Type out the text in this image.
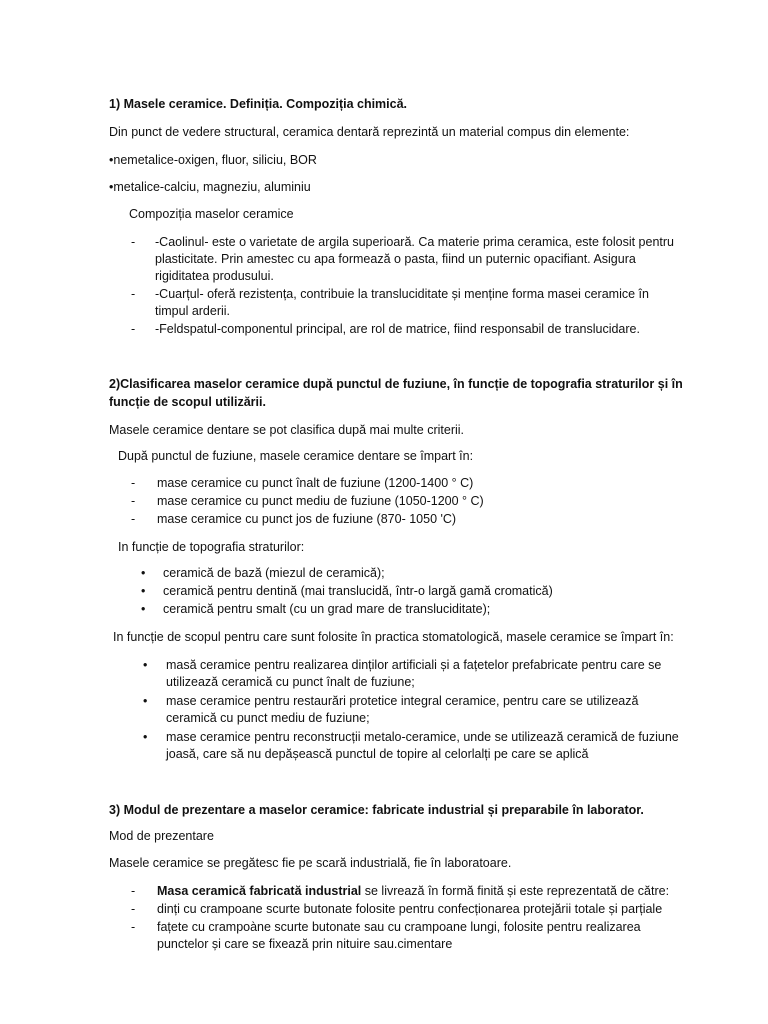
1) Masele ceramice. Definiția. Compoziția chimică.
Din punct de vedere structural, ceramica dentară reprezintă un material compus din elemente:
•nemetalice-oxigen, fluor, siliciu, BOR
•metalice-calciu, magneziu, aluminiu
Compoziția maselor ceramice
- -Caolinul- este o varietate de argila superioară. Ca materie prima ceramica, este folosit pentru
plasticitate. Prin amestec cu apa formează o pasta, fiind un puternic opacifiant. Asigura
rigiditatea produsului.
- -Cuarțul- oferă rezistența, contribuie la transluciditate și menține forma masei ceramice în
timpul arderii.
- -Feldspatul-componentul principal, are rol de matrice, fiind responsabil de translucidare.
2)Clasificarea maselor ceramice după punctul de fuziune, în funcție de topografia straturilor și în
funcție de scopul utilizării.
Masele ceramice dentare se pot clasifica după mai multe criterii.
După punctul de fuziune, masele ceramice dentare se împart în:
- mase ceramice cu punct înalt de fuziune (1200-1400 ° C)
- mase ceramice cu punct mediu de fuziune (1050-1200 ° C)
- mase ceramice cu punct jos de fuziune (870- 1050 'C)
In funcție de topografia straturilor:
• ceramică de bază (miezul de ceramică);
• ceramică pentru dentină (mai translucidă, într-o largă gamă cromatică)
• ceramică pentru smalt (cu un grad mare de transluciditate);
In funcție de scopul pentru care sunt folosite în practica stomatologică, masele ceramice se împart în:
• masă ceramice pentru realizarea dinților artificiali și a fațetelor prefabricate pentru care se
utilizează ceramică cu punct înalt de fuziune;
• mase ceramice pentru restaurări protetice integral ceramice, pentru care se utilizează
ceramică cu punct mediu de fuziune;
• mase ceramice pentru reconstrucții metalo-ceramice, unde se utilizează ceramică de fuziune
joasă, care să nu depășească punctul de topire al celorlalți pe care se aplică
3) Modul de prezentare a maselor ceramice: fabricate industrial și preparabile în laborator.
Mod de prezentare
Masele ceramice se pregătesc fie pe scară industrială, fie în laboratoare.
- Masa ceramică fabricată industrial se livrează în formă finită și este reprezentată de către:
- dinți cu crampoane scurte butonate folosite pentru confecționarea protejării totale și parțiale
- fațete cu crampoàne scurte butonate sau cu crampoane lungi, folosite pentru realizarea
punctelor și care se fixează prin nituire sau.cimentare
